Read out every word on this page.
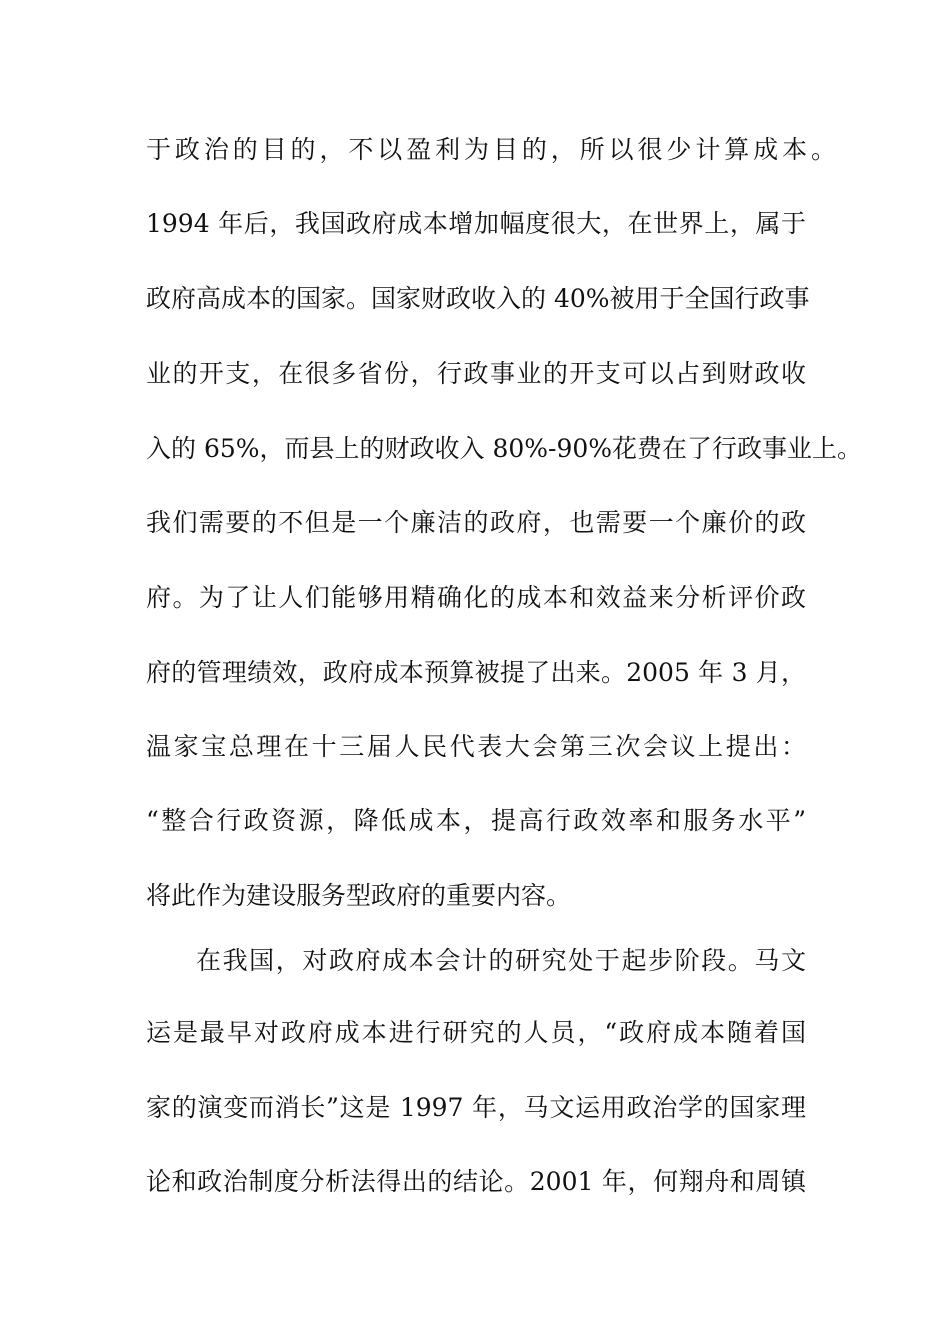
于政治的目的，不以盈利为目的，所以很少计算成本。
1994 年后，我国政府成本增加幅度很大，在世界上，属于
政府高成本的国家。国家财政收入的 40%被用于全国行政事
业的开支，在很多省份，行政事业的开支可以占到财政收
入的 65%，而县上的财政收入 80%-90%花费在了行政事业上。
我们需要的不但是一个廉洁的政府，也需要一个廉价的政
府。为了让人们能够用精确化的成本和效益来分析评价政
府的管理绩效，政府成本预算被提了出来。2005 年 3 月，
温家宝总理在十三届人民代表大会第三次会议上提出：
“整合行政资源，降低成本，提高行政效率和服务水平”
将此作为建设服务型政府的重要内容。
在我国，对政府成本会计的研究处于起步阶段。马文
运是最早对政府成本进行研究的人员，“政府成本随着国
家的演变而消长”这是 1997 年，马文运用政治学的国家理
论和政治制度分析法得出的结论。2001 年，何翔舟和周镇
